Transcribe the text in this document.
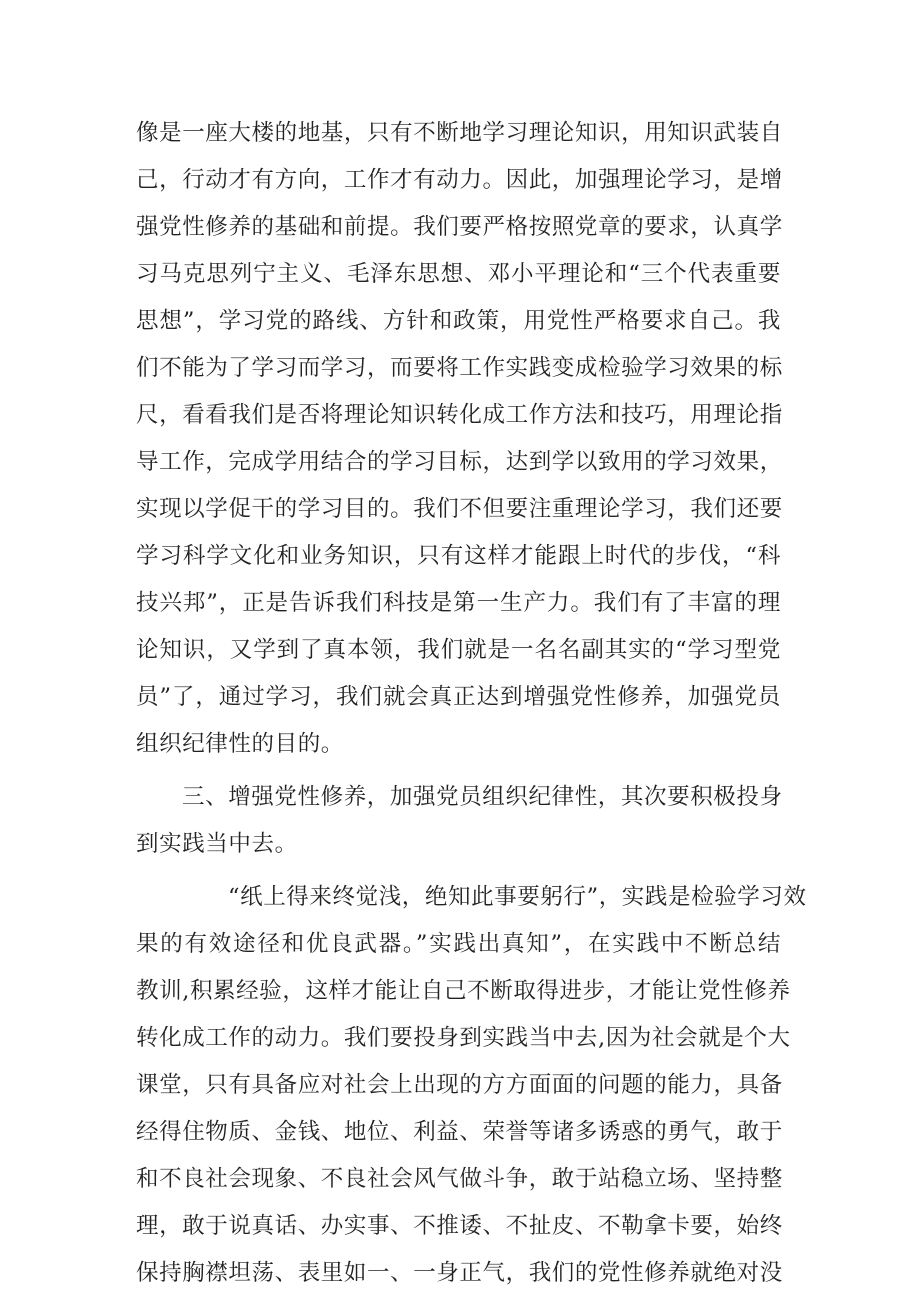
像是一座大楼的地基，只有不断地学习理论知识，用知识武装自
己，行动才有方向，工作才有动力。因此，加强理论学习，是增
强党性修养的基础和前提。我们要严格按照党章的要求，认真学
习马克思列宁主义、毛泽东思想、邓小平理论和“三个代表重要
思想”，学习党的路线、方针和政策，用党性严格要求自己。我
们不能为了学习而学习，而要将工作实践变成检验学习效果的标
尺，看看我们是否将理论知识转化成工作方法和技巧，用理论指
导工作，完成学用结合的学习目标，达到学以致用的学习效果，
实现以学促干的学习目的。我们不但要注重理论学习，我们还要
学习科学文化和业务知识，只有这样才能跟上时代的步伐，“科
技兴邦”，正是告诉我们科技是第一生产力。我们有了丰富的理
论知识，又学到了真本领，我们就是一名名副其实的“学习型党
员”了，通过学习，我们就会真正达到增强党性修养，加强党员
组织纪律性的目的。
三、增强党性修养，加强党员组织纪律性，其次要积极投身
到实践当中去。
“纸上得来终觉浅，绝知此事要躬行”，实践是检验学习效
果的有效途径和优良武器。”实践出真知”，在实践中不断总结
教训,积累经验，这样才能让自己不断取得进步，才能让党性修养
转化成工作的动力。我们要投身到实践当中去,因为社会就是个大
课堂，只有具备应对社会上出现的方方面面的问题的能力，具备
经得住物质、金钱、地位、利益、荣誉等诸多诱惑的勇气，敢于
和不良社会现象、不良社会风气做斗争，敢于站稳立场、坚持整
理，敢于说真话、办实事、不推诿、不扯皮、不勒拿卡要，始终
保持胸襟坦荡、表里如一、一身正气，我们的党性修养就绝对没
